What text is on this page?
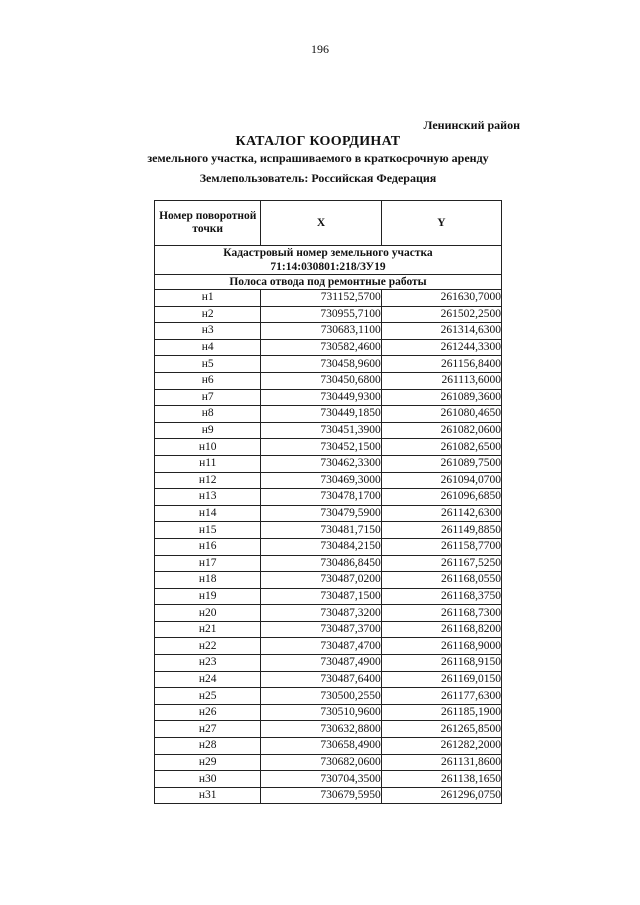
196
Ленинский район
КАТАЛОГ КООРДИНАТ
земельного участка, испрашиваемого в краткосрочную аренду
Землепользователь: Российская Федерация
Номер поворотной точки	X	Y

Кадастровый номер земельного участка
71:14:030801:218/ЗУ19		

Полоса отвода под ремонтные работы		
н1	731152,5700	261630,7000
н2	730955,7100	261502,2500
н3	730683,1100	261314,6300
н4	730582,4600	261244,3300
н5	730458,9600	261156,8400
н6	730450,6800	261113,6000
н7	730449,9300	261089,3600
н8	730449,1850	261080,4650
н9	730451,3900	261082,0600
н10	730452,1500	261082,6500
н11	730462,3300	261089,7500
н12	730469,3000	261094,0700
н13	730478,1700	261096,6850
н14	730479,5900	261142,6300
н15	730481,7150	261149,8850
н16	730484,2150	261158,7700
н17	730486,8450	261167,5250
н18	730487,0200	261168,0550
н19	730487,1500	261168,3750
н20	730487,3200	261168,7300
н21	730487,3700	261168,8200
н22	730487,4700	261168,9000
н23	730487,4900	261168,9150
н24	730487,6400	261169,0150
н25	730500,2550	261177,6300
н26	730510,9600	261185,1900
н27	730632,8800	261265,8500
н28	730658,4900	261282,2000
н29	730682,0600	261131,8600
н30	730704,3500	261138,1650
н31	730679,5950	261296,0750
